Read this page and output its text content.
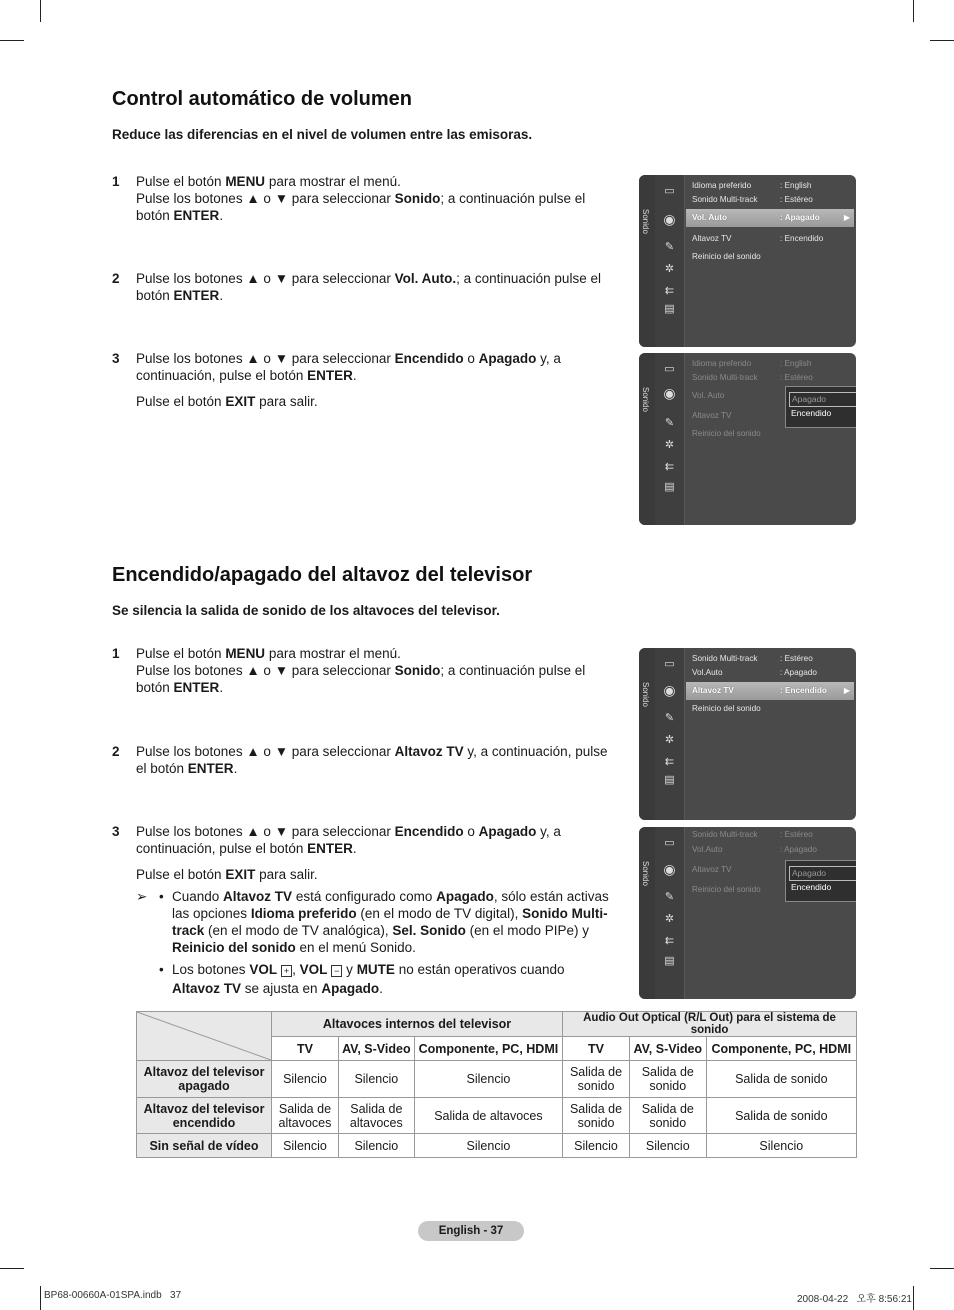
Control automático de volumen

Reduce las diferencias en el nivel de volumen entre las emisoras.

1 Pulse el botón MENU para mostrar el menú.
Pulse los botones ▲ o ▼ para seleccionar Sonido; a continuación pulse el
botón ENTER.
2 Pulse los botones ▲ o ▼ para seleccionar Vol. Auto.; a continuación pulse el
botón ENTER.
3 Pulse los botones ▲ o ▼ para seleccionar Encendido o Apagado y, a
continuación, pulse el botón ENTER.
Pulse el botón EXIT para salir.
Sonido
▭
◉
✎
✲
⇇
▤
Idioma preferido	: English
Sonido Multi-track	: Estéreo
Vol. Auto	: Apagado	▶
Altavoz TV	: Encendido
Reinicio del sonido
Sonido
▭
◉
✎
✲
⇇
▤
Idioma preferido	: English
Sonido Multi-track	: Estéreo
Vol. Auto
Altavoz TV
Reinicio del sonido
Apagado
Encendido
Encendido/apagado del altavoz del televisor

Se silencia la salida de sonido de los altavoces del televisor.

1 Pulse el botón MENU para mostrar el menú.
Pulse los botones ▲ o ▼ para seleccionar Sonido; a continuación pulse el
botón ENTER.
2 Pulse los botones ▲ o ▼ para seleccionar Altavoz TV y, a continuación, pulse
el botón ENTER.
3 Pulse los botones ▲ o ▼ para seleccionar Encendido o Apagado y, a
continuación, pulse el botón ENTER.
Pulse el botón EXIT para salir.
➢ • Cuando Altavoz TV está configurado como Apagado, sólo están activas
las opciones Idioma preferido (en el modo de TV digital), Sonido Multi-
track (en el modo de TV analógica), Sel. Sonido (en el modo PIPe) y
Reinicio del sonido en el menú Sonido.
• Los botones VOL + , VOL − y MUTE no están operativos cuando
Altavoz TV se ajusta en Apagado.
Sonido
▭
◉
✎
✲
⇇
▤
Sonido Multi-track	: Estéreo
Vol.Auto	: Apagado
Altavoz TV	: Encendido ▶
Reinicio del sonido
Sonido
▭
◉
✎
✲
⇇
▤
Sonido Multi-track	: Estéreo
Vol.Auto	: Apagado
Altavoz TV
Reinicio del sonido
Apagado
Encendido
	Altavoces internos del televisor			Audio Out Optical (R/L Out) para el sistema de sonido		
	TV	AV, S-Video	Componente, PC, HDMI	TV	AV, S-Video	Componente, PC, HDMI
Altavoz del televisor apagado	Silencio	Silencio	Silencio	Salida de sonido	Salida de sonido	Salida de sonido
Altavoz del televisor encendido	Salida de altavoces	Salida de altavoces	Salida de altavoces	Salida de sonido	Salida de sonido	Salida de sonido
Sin señal de vídeo	Silencio	Silencio	Silencio	Silencio	Silencio	Silencio
English - 37
BP68-00660A-01SPA.indb   37	2008-04-22   오후 8:56:21
